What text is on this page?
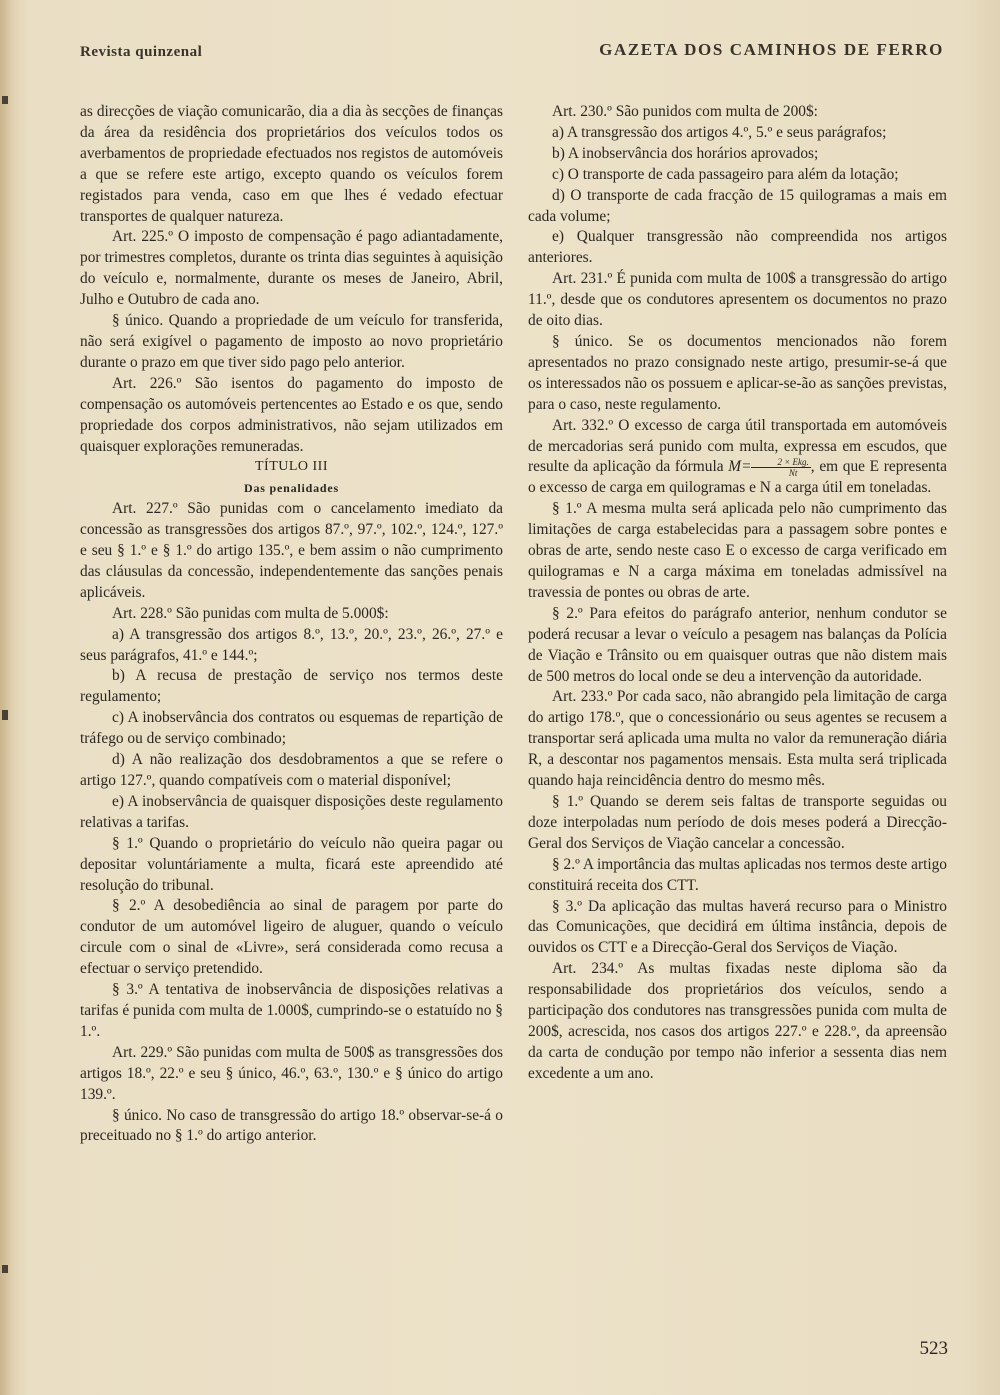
Revista quinzenal	GAZETA DOS CAMINHOS DE FERRO

as direcções de viação comunicarão, dia a dia às secções de finanças da área da residência dos proprietários dos veículos todos os averbamentos de propriedade efectuados nos registos de automóveis a que se refere este artigo, excepto quando os veículos forem registados para venda, caso em que lhes é vedado efectuar transportes de qualquer natureza.

Art. 225.º O imposto de compensação é pago adiantadamente, por trimestres completos, durante os trinta dias seguintes à aquisição do veículo e, normalmente, durante os meses de Janeiro, Abril, Julho e Outubro de cada ano.

§ único. Quando a propriedade de um veículo for transferida, não será exigível o pagamento de imposto ao novo proprietário durante o prazo em que tiver sido pago pelo anterior.

Art. 226.º São isentos do pagamento do imposto de compensação os automóveis pertencentes ao Estado e os que, sendo propriedade dos corpos administrativos, não sejam utilizados em quaisquer explorações remuneradas.

TÍTULO III

Das penalidades

Art. 227.º São punidas com o cancelamento imediato da concessão as transgressões dos artigos 87.º, 97.º, 102.º, 124.º, 127.º e seu § 1.º e § 1.º do artigo 135.º, e bem assim o não cumprimento das cláusulas da concessão, independentemente das sanções penais aplicáveis.

Art. 228.º São punidas com multa de 5.000$:

a) A transgressão dos artigos 8.º, 13.º, 20.º, 23.º, 26.º, 27.º e seus parágrafos, 41.º e 144.º;

b) A recusa de prestação de serviço nos termos deste regulamento;

c) A inobservância dos contratos ou esquemas de repartição de tráfego ou de serviço combinado;

d) A não realização dos desdobramentos a que se refere o artigo 127.º, quando compatíveis com o material disponível;

e) A inobservância de quaisquer disposições deste regulamento relativas a tarifas.

§ 1.º Quando o proprietário do veículo não queira pagar ou depositar voluntáriamente a multa, ficará este apreendido até resolução do tribunal.

§ 2.º A desobediência ao sinal de paragem por parte do condutor de um automóvel ligeiro de aluguer, quando o veículo circule com o sinal de «Livre», será considerada como recusa a efectuar o serviço pretendido.

§ 3.º A tentativa de inobservância de disposições relativas a tarifas é punida com multa de 1.000$, cumprindo-se o estatuído no § 1.º.

Art. 229.º São punidas com multa de 500$ as transgressões dos artigos 18.º, 22.º e seu § único, 46.º, 63.º, 130.º e § único do artigo 139.º.

§ único. No caso de transgressão do artigo 18.º observar-se-á o preceituado no § 1.º do artigo anterior.

Art. 230.º São punidos com multa de 200$:

a) A transgressão dos artigos 4.º, 5.º e seus parágrafos;

b) A inobservância dos horários aprovados;

c) O transporte de cada passageiro para além da lotação;

d) O transporte de cada fracção de 15 quilogramas a mais em cada volume;

e) Qualquer transgressão não compreendida nos artigos anteriores.

Art. 231.º É punida com multa de 100$ a transgressão do artigo 11.º, desde que os condutores apresentem os documentos no prazo de oito dias.

§ único. Se os documentos mencionados não forem apresentados no prazo consignado neste artigo, presumir-se-á que os interessados não os possuem e aplicar-se-ão as sanções previstas, para o caso, neste regulamento.

Art. 332.º O excesso de carga útil transportada em automóveis de mercadorias será punido com multa, expressa em escudos, que resulte da aplicação da fórmula $M= \frac{\text{2 × Ekg.}}{Nt}$ , em que E representa o excesso de carga em quilogramas e N a carga útil em toneladas.

§ 1.º A mesma multa será aplicada pelo não cumprimento das limitações de carga estabelecidas para a passagem sobre pontes e obras de arte, sendo neste caso E o excesso de carga verificado em quilogramas e N a carga máxima em toneladas admissível na travessia de pontes ou obras de arte.

§ 2.º Para efeitos do parágrafo anterior, nenhum condutor se poderá recusar a levar o veículo a pesagem nas balanças da Polícia de Viação e Trânsito ou em quaisquer outras que não distem mais de 500 metros do local onde se deu a intervenção da autoridade.

Art. 233.º Por cada saco, não abrangido pela limitação de carga do artigo 178.º, que o concessionário ou seus agentes se recusem a transportar será aplicada uma multa no valor da remuneração diária R, a descontar nos pagamentos mensais. Esta multa será triplicada quando haja reincidência dentro do mesmo mês.

§ 1.º Quando se derem seis faltas de transporte seguidas ou doze interpoladas num período de dois meses poderá a Direcção-Geral dos Serviços de Viação cancelar a concessão.

§ 2.º A importância das multas aplicadas nos termos deste artigo constituirá receita dos CTT.

§ 3.º Da aplicação das multas haverá recurso para o Ministro das Comunicações, que decidirá em última instância, depois de ouvidos os CTT e a Direcção-Geral dos Serviços de Viação.

Art. 234.º As multas fixadas neste diploma são da responsabilidade dos proprietários dos veículos, sendo a participação dos condutores nas transgressões punida com multa de 200$, acrescida, nos casos dos artigos 227.º e 228.º, da apreensão da carta de condução por tempo não inferior a sessenta dias nem excedente a um ano.

523
